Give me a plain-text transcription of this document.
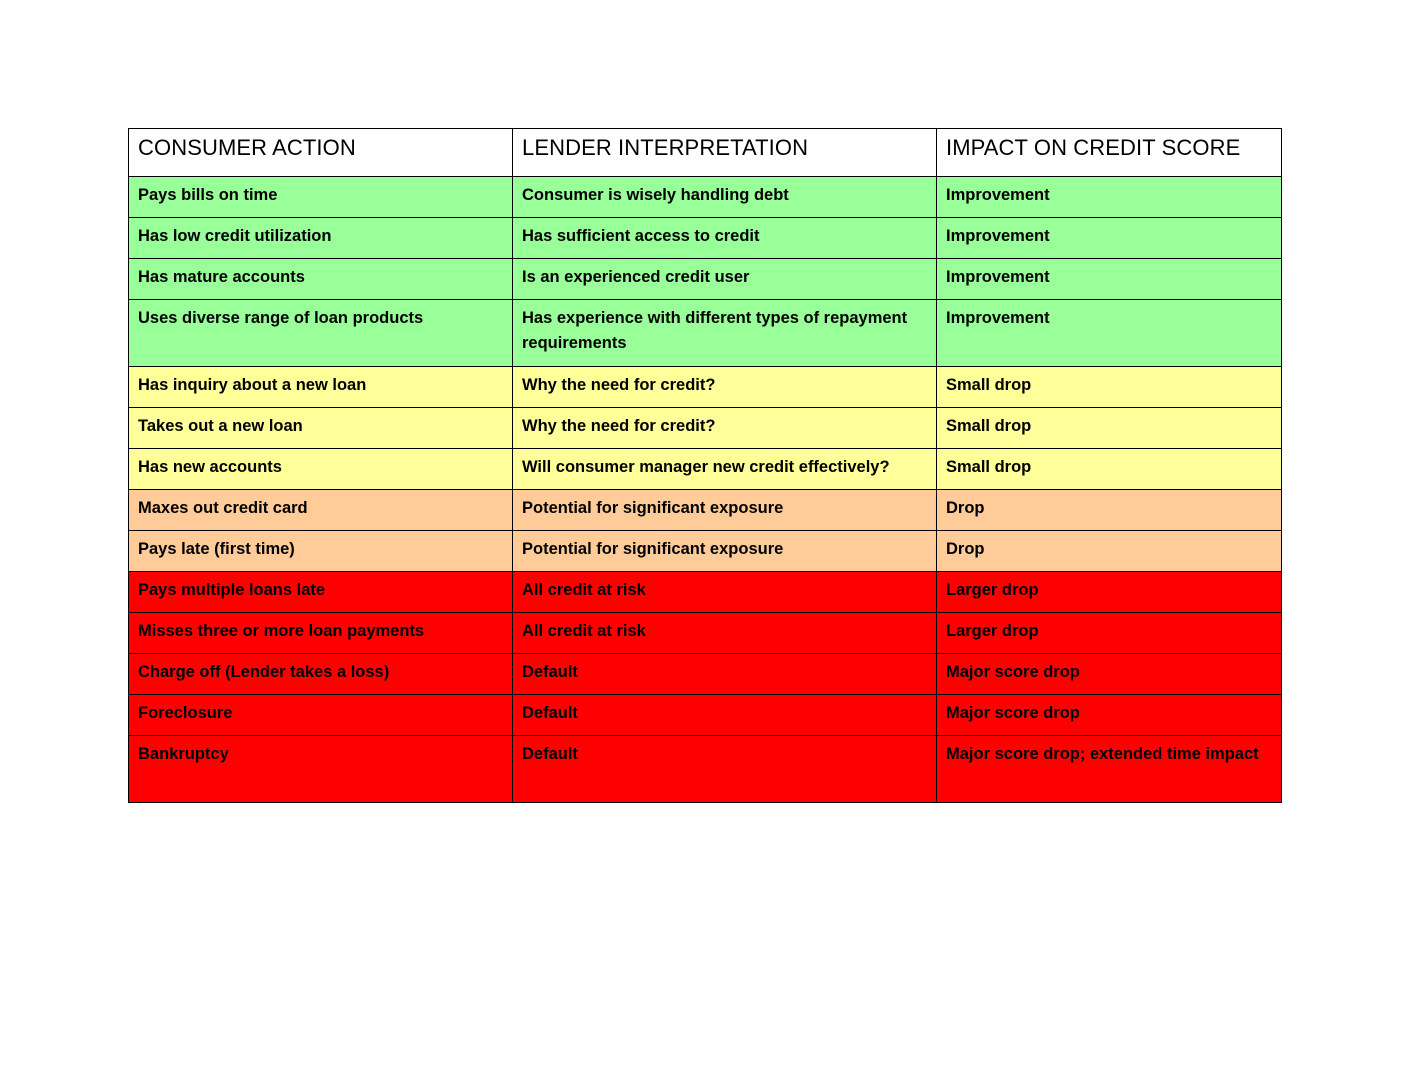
CONSUMER ACTION	LENDER INTERPRETATION	IMPACT ON CREDIT SCORE
Pays bills on time	Consumer is wisely handling debt	Improvement
Has low credit utilization	Has sufficient access to credit	Improvement
Has mature accounts	Is an experienced credit user	Improvement
Uses diverse range of loan products	Has experience with different types of repayment requirements	Improvement
Has inquiry about a new loan	Why the need for credit?	Small drop
Takes out a new loan	Why the need for credit?	Small drop
Has new accounts	Will consumer manager new credit effectively?	Small drop
Maxes out credit card	Potential for significant exposure	Drop
Pays late (first time)	Potential for significant exposure	Drop
Pays multiple loans late	All credit at risk	Larger drop
Misses three or more loan payments	All credit at risk	Larger drop
Charge off (Lender takes a loss)	Default	Major score drop
Foreclosure	Default	Major score drop
Bankruptcy	Default	Major score drop; extended time impact
